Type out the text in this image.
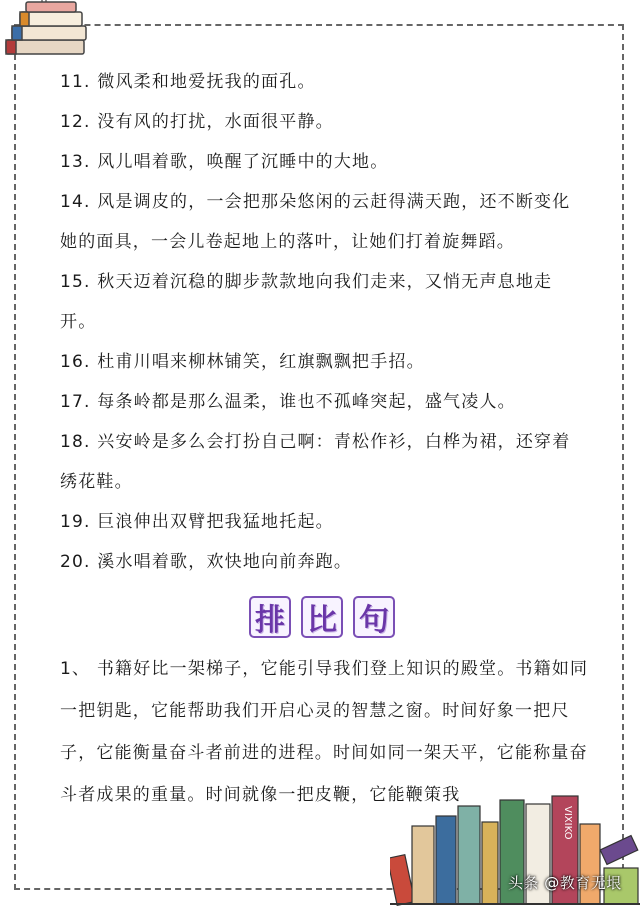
11. 微风柔和地爱抚我的面孔。

12. 没有风的打扰，水面很平静。

13. 风儿唱着歌，唤醒了沉睡中的大地。

14. 风是调皮的，一会把那朵悠闲的云赶得满天跑，还不断变化她的面具，一会儿卷起地上的落叶，让她们打着旋舞蹈。

15. 秋天迈着沉稳的脚步款款地向我们走来，又悄无声息地走开。

16. 杜甫川唱来柳林铺笑，红旗飘飘把手招。

17. 每条岭都是那么温柔，谁也不孤峰突起，盛气凌人。

18. 兴安岭是多么会打扮自己啊：青松作衫，白桦为裙，还穿着绣花鞋。

19. 巨浪伸出双臂把我猛地托起。

20. 溪水唱着歌，欢快地向前奔跑。

排 比 句

1、 书籍好比一架梯子，它能引导我们登上知识的殿堂。书籍如同一把钥匙，它能帮助我们开启心灵的智慧之窗。时间好象一把尺子，它能衡量奋斗者前进的进程。时间如同一架天平，它能称量奋斗者成果的重量。时间就像一把皮鞭，它能鞭策我

VIXIKO
头条 @教育无垠
